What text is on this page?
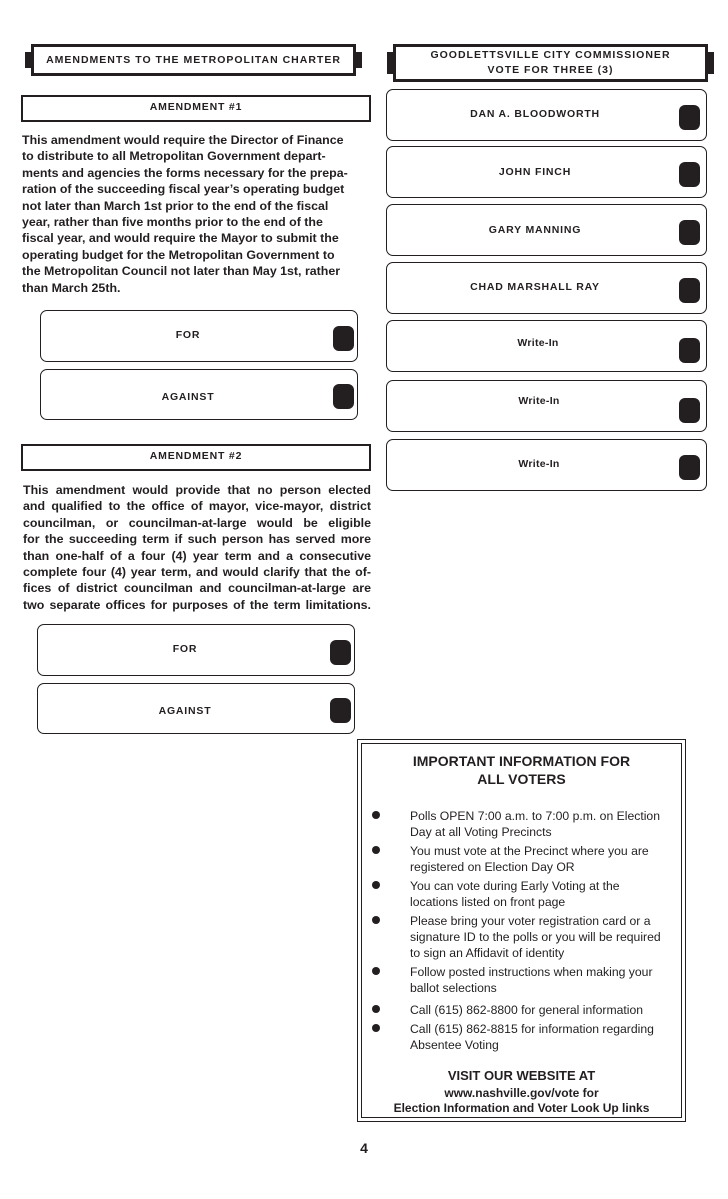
AMENDMENTS TO THE METROPOLITAN CHARTER
AMENDMENT #1

This amendment would require the Director of Finance

to distribute to all Metropolitan Government depart-

ments and agencies the forms necessary for the prepa-

ration of the succeeding fiscal year’s operating budget

not later than March 1st prior to the end of the fiscal

year, rather than five months prior to the end of the

fiscal year, and would require the Mayor to submit the

operating budget for the Metropolitan Government to

the Metropolitan Council not later than May 1st, rather

than March 25th.

FOR
AGAINST
AMENDMENT #2

This amendment would provide that no person elected

and qualified to the office of mayor, vice-mayor, district

councilman, or councilman-at-large would be eligible

for the succeeding term if such person has served more

than one-half of a four (4) year term and a consecutive

complete four (4) year term, and would clarify that the of-

fices of district councilman and councilman-at-large are

two separate offices for purposes of the term limitations.

FOR
AGAINST
GOODLETTSVILLE CITY COMMISSIONER
VOTE FOR THREE (3)
DAN A. BLOODWORTH
JOHN FINCH
GARY MANNING
CHAD MARSHALL RAY
Write-In
Write-In
Write-In
IMPORTANT INFORMATION FOR
ALL VOTERS
Polls OPEN 7:00 a.m. to 7:00 p.m. on Election
Day at all Voting Precincts
You must vote at the Precinct where you are
registered on Election Day OR
You can vote during Early Voting at the
locations listed on front page
Please bring your voter registration card or a
signature ID to the polls or you will be required
to sign an Affidavit of identity
Follow posted instructions when making your
ballot selections
Call (615) 862-8800 for general information
Call (615) 862-8815 for information regarding
Absentee Voting
VISIT OUR WEBSITE AT
www.nashville.gov/vote for
Election Information and Voter Look Up links
4
